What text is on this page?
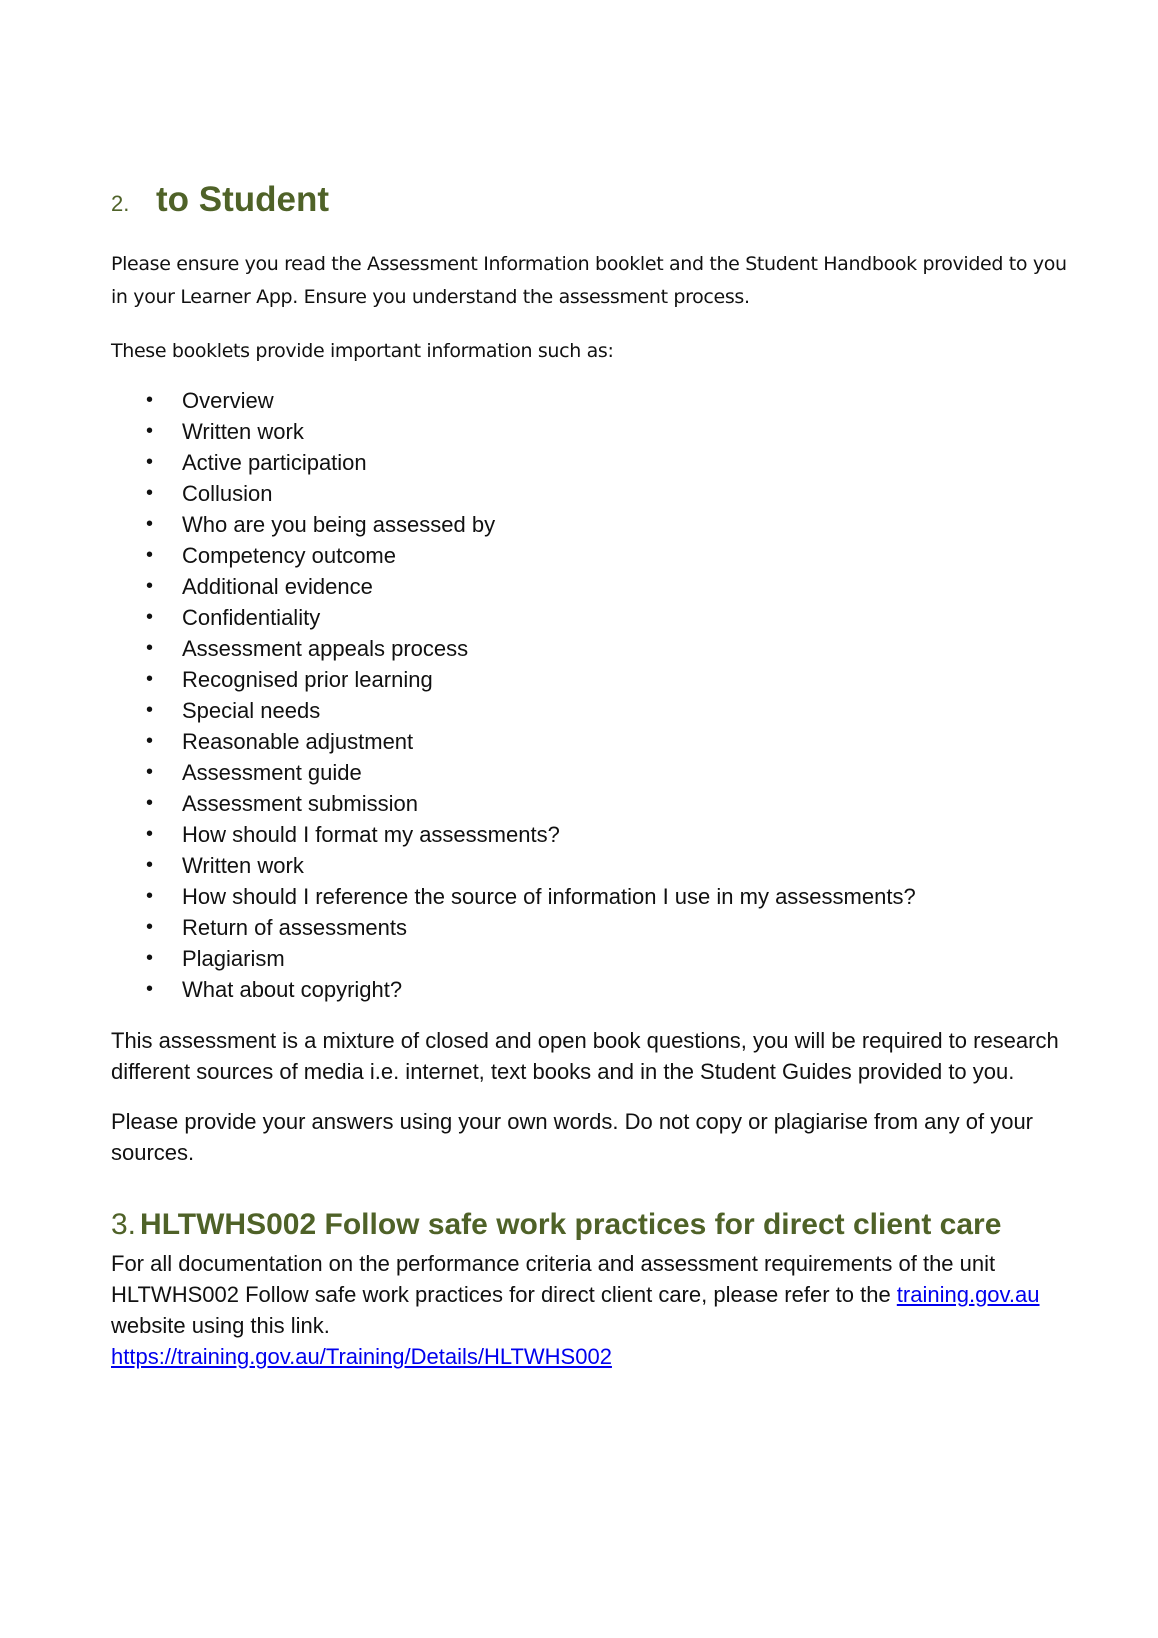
2. to Student

Please ensure you read the Assessment Information booklet and the Student Handbook provided to you in your Learner App. Ensure you understand the assessment process.

These booklets provide important information such as:

• Overview
• Written work
• Active participation
• Collusion
• Who are you being assessed by
• Competency outcome
• Additional evidence
• Confidentiality
• Assessment appeals process
• Recognised prior learning
• Special needs
• Reasonable adjustment
• Assessment guide
• Assessment submission
• How should I format my assessments?
• Written work
• How should I reference the source of information I use in my assessments?
• Return of assessments
• Plagiarism
• What about copyright?

This assessment is a mixture of closed and open book questions, you will be required to research different sources of media i.e. internet, text books and in the Student Guides provided to you.

Please provide your answers using your own words. Do not copy or plagiarise from any of your sources.

3. HLTWHS002 Follow safe work practices for direct client care

For all documentation on the performance criteria and assessment requirements of the unit HLTWHS002 Follow safe work practices for direct client care, please refer to the training.gov.au website using this link.
https://training.gov.au/Training/Details/HLTWHS002
